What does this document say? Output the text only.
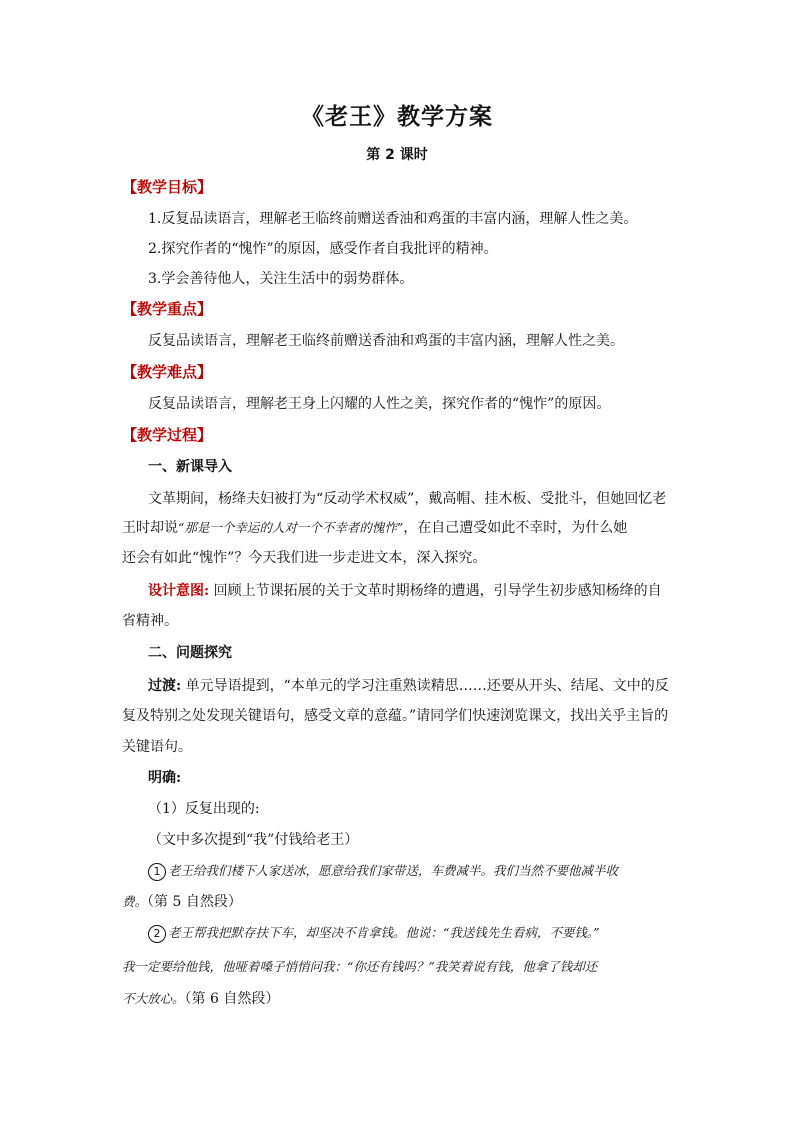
《老王》教学方案
第 2 课时
【教学目标】
1.反复品读语言，理解老王临终前赠送香油和鸡蛋的丰富内涵，理解人性之美。
2.探究作者的“愧怍”的原因，感受作者自我批评的精神。
3.学会善待他人，关注生活中的弱势群体。
【教学重点】
反复品读语言，理解老王临终前赠送香油和鸡蛋的丰富内涵，理解人性之美。
【教学难点】
反复品读语言，理解老王身上闪耀的人性之美，探究作者的“愧怍”的原因。
【教学过程】
一、新课导入
文革期间，杨绛夫妇被打为“反动学术权威”，戴高帽、挂木板、受批斗，但她回忆老
王时却说“那是一个幸运的人对一个不幸者的愧怍”，在自己遭受如此不幸时，为什么她
还会有如此“愧怍”？今天我们进一步走进文本，深入探究。
设计意图: 回顾上节课拓展的关于文革时期杨绛的遭遇，引导学生初步感知杨绛的自
省精神。
二、问题探究
过渡: 单元导语提到，“本单元的学习注重熟读精思……还要从开头、结尾、文中的反
复及特别之处发现关键语句，感受文章的意蕴。”请同学们快速浏览课文，找出关乎主旨的
关键语句。
明确:
（1）反复出现的:
（文中多次提到“我”付钱给老王）
1 老王给我们楼下人家送冰，愿意给我们家带送，车费减半。我们当然不要他减半收
费。（第 5 自然段）
2 老王帮我把默存扶下车，却坚决不肯拿钱。他说：“我送钱先生看病，不要钱。”
我一定要给他钱，他哑着嗓子悄悄问我：“你还有钱吗？”我笑着说有钱，他拿了钱却还
不大放心。（第 6 自然段）
